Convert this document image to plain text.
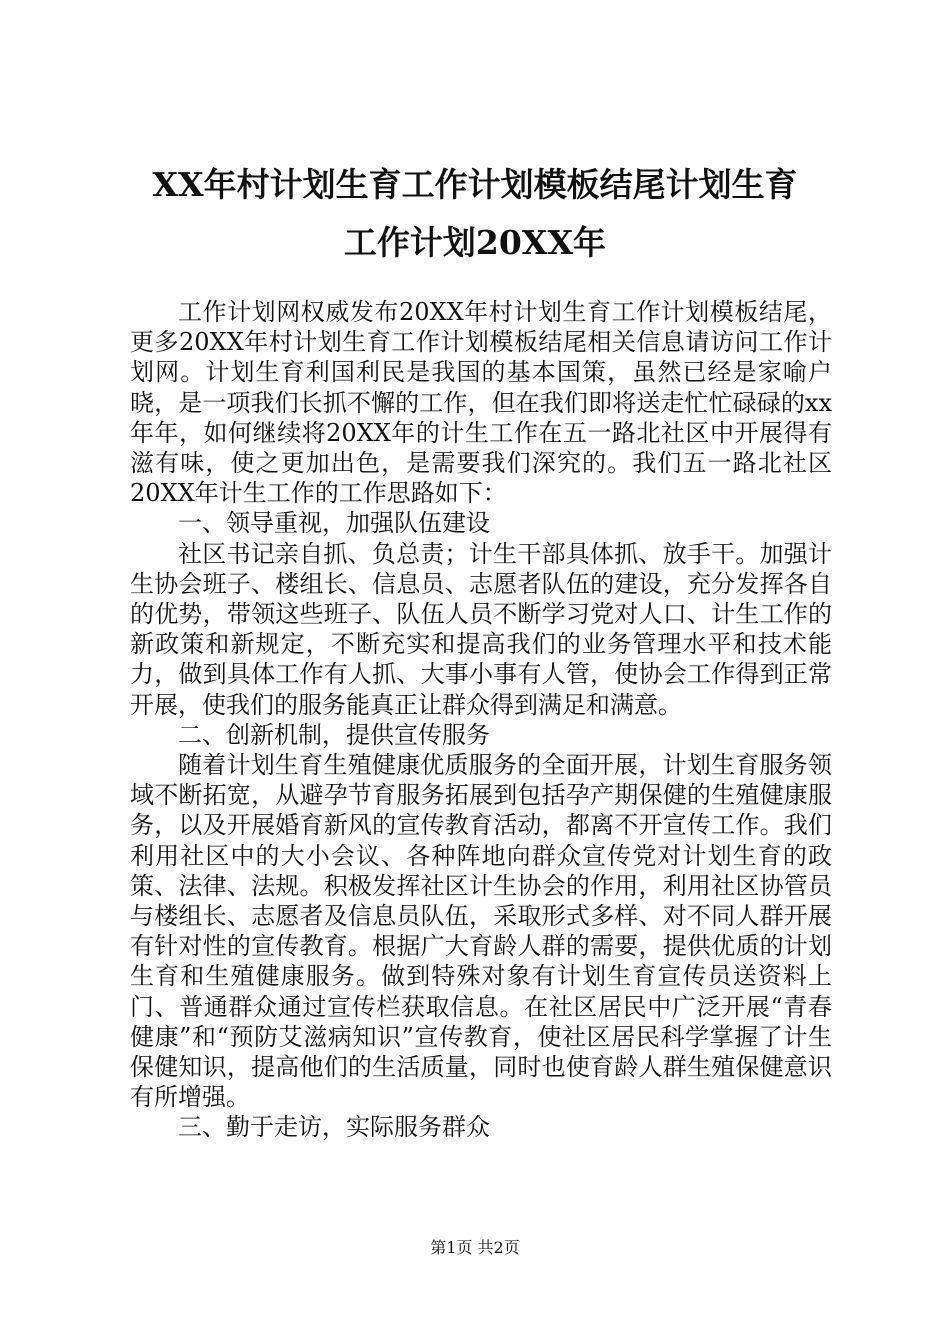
XX年村计划生育工作计划模板结尾计划生育
工作计划20XX年

工作计划网权威发布20XX年村计划生育工作计划模板结尾，更多20XX年村计划生育工作计划模板结尾相关信息请访问工作计划网。计划生育利国利民是我国的基本国策，虽然已经是家喻户晓，是一项我们长抓不懈的工作，但在我们即将送走忙忙碌碌的xx年年，如何继续将20XX年的计生工作在五一路北社区中开展得有滋有味，使之更加出色，是需要我们深究的。我们五一路北社区20XX年计生工作的工作思路如下：

一、领导重视，加强队伍建设

社区书记亲自抓、负总责；计生干部具体抓、放手干。加强计生协会班子、楼组长、信息员、志愿者队伍的建设，充分发挥各自的优势，带领这些班子、队伍人员不断学习党对人口、计生工作的新政策和新规定，不断充实和提高我们的业务管理水平和技术能力，做到具体工作有人抓、大事小事有人管，使协会工作得到正常开展，使我们的服务能真正让群众得到满足和满意。

二、创新机制，提供宣传服务

随着计划生育生殖健康优质服务的全面开展，计划生育服务领域不断拓宽，从避孕节育服务拓展到包括孕产期保健的生殖健康服务，以及开展婚育新风的宣传教育活动，都离不开宣传工作。我们利用社区中的大小会议、各种阵地向群众宣传党对计划生育的政策、法律、法规。积极发挥社区计生协会的作用，利用社区协管员与楼组长、志愿者及信息员队伍，采取形式多样、对不同人群开展有针对性的宣传教育。根据广大育龄人群的需要，提供优质的计划生育和生殖健康服务。做到特殊对象有计划生育宣传员送资料上门、普通群众通过宣传栏获取信息。在社区居民中广泛开展“青春健康”和“预防艾滋病知识”宣传教育，使社区居民科学掌握了计生保健知识，提高他们的生活质量，同时也使育龄人群生殖保健意识有所增强。

三、勤于走访，实际服务群众

第1页 共2页
